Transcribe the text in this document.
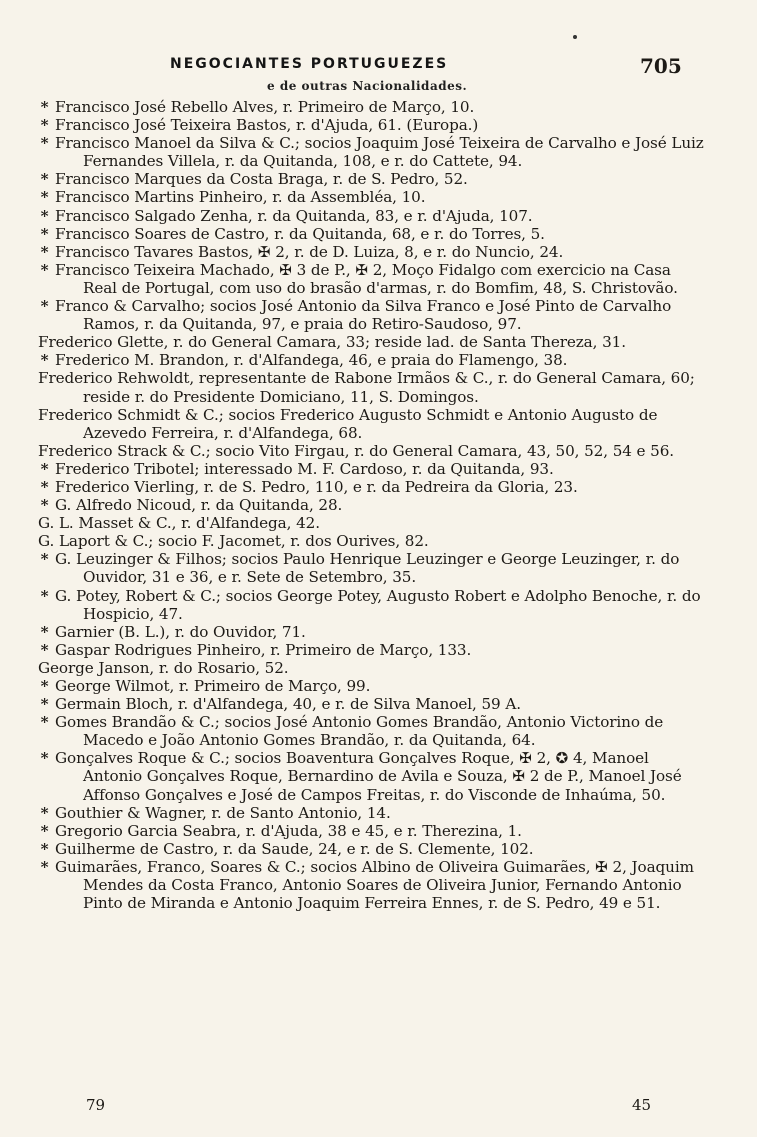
NEGOCIANTES PORTUGUEZES	705
e de outras Nacionalidades.

* Francisco José Rebello Alves, r. Primeiro de Março, 10.

* Francisco José Teixeira Bastos, r. d'Ajuda, 61. (Europa.)

* Francisco Manoel da Silva & C.; socios Joaquim José Teixeira de Carvalho e José Luiz Fernandes Villela, r. da Quitanda, 108, e r. do Cattete, 94.

* Francisco Marques da Costa Braga, r. de S. Pedro, 52.

* Francisco Martins Pinheiro, r. da Assembléa, 10.

* Francisco Salgado Zenha, r. da Quitanda, 83, e r. d'Ajuda, 107.

* Francisco Soares de Castro, r. da Quitanda, 68, e r. do Torres, 5.

* Francisco Tavares Bastos, ✠ 2, r. de D. Luiza, 8, e r. do Nuncio, 24.

* Francisco Teixeira Machado, ✠ 3 de P., ✠ 2, Moço Fidalgo com exercicio na Casa Real de Portugal, com uso do brasão d'armas, r. do Bomfim, 48, S. Christovão.

* Franco & Carvalho; socios José Antonio da Silva Franco e José Pinto de Carvalho Ramos, r. da Quitanda, 97, e praia do Retiro-Saudoso, 97.

Frederico Glette, r. do General Camara, 33; reside lad. de Santa Thereza, 31.

* Frederico M. Brandon, r. d'Alfandega, 46, e praia do Flamengo, 38.

Frederico Rehwoldt, representante de Rabone Irmãos & C., r. do General Camara, 60; reside r. do Presidente Domiciano, 11, S. Domingos.

Frederico Schmidt & C.; socios Frederico Augusto Schmidt e Antonio Augusto de Azevedo Ferreira, r. d'Alfandega, 68.

Frederico Strack & C.; socio Vito Firgau, r. do General Camara, 43, 50, 52, 54 e 56.

* Frederico Tribotel; interessado M. F. Cardoso, r. da Quitanda, 93.

* Frederico Vierling, r. de S. Pedro, 110, e r. da Pedreira da Gloria, 23.

* G. Alfredo Nicoud, r. da Quitanda, 28.

G. L. Masset & C., r. d'Alfandega, 42.

G. Laport & C.; socio F. Jacomet, r. dos Ourives, 82.

* G. Leuzinger & Filhos; socios Paulo Henrique Leuzinger e George Leuzinger, r. do Ouvidor, 31 e 36, e r. Sete de Setembro, 35.

* G. Potey, Robert & C.; socios George Potey, Augusto Robert e Adolpho Benoche, r. do Hospicio, 47.

* Garnier (B. L.), r. do Ouvidor, 71.

* Gaspar Rodrigues Pinheiro, r. Primeiro de Março, 133.

George Janson, r. do Rosario, 52.

* George Wilmot, r. Primeiro de Março, 99.

* Germain Bloch, r. d'Alfandega, 40, e r. de Silva Manoel, 59 A.

* Gomes Brandão & C.; socios José Antonio Gomes Brandão, Antonio Victorino de Macedo e João Antonio Gomes Brandão, r. da Quitanda, 64.

* Gonçalves Roque & C.; socios Boaventura Gonçalves Roque, ✠ 2, ✪ 4, Manoel Antonio Gonçalves Roque, Bernardino de Avila e Souza, ✠ 2 de P., Manoel José Affonso Gonçalves e José de Campos Freitas, r. do Visconde de Inhaúma, 50.

* Gouthier & Wagner, r. de Santo Antonio, 14.

* Gregorio Garcia Seabra, r. d'Ajuda, 38 e 45, e r. Therezina, 1.

* Guilherme de Castro, r. da Saude, 24, e r. de S. Clemente, 102.

* Guimarães, Franco, Soares & C.; socios Albino de Oliveira Guimarães, ✠ 2, Joaquim Mendes da Costa Franco, Antonio Soares de Oliveira Junior, Fernando Antonio Pinto de Miranda e Antonio Joaquim Ferreira Ennes, r. de S. Pedro, 49 e 51.

79	45
